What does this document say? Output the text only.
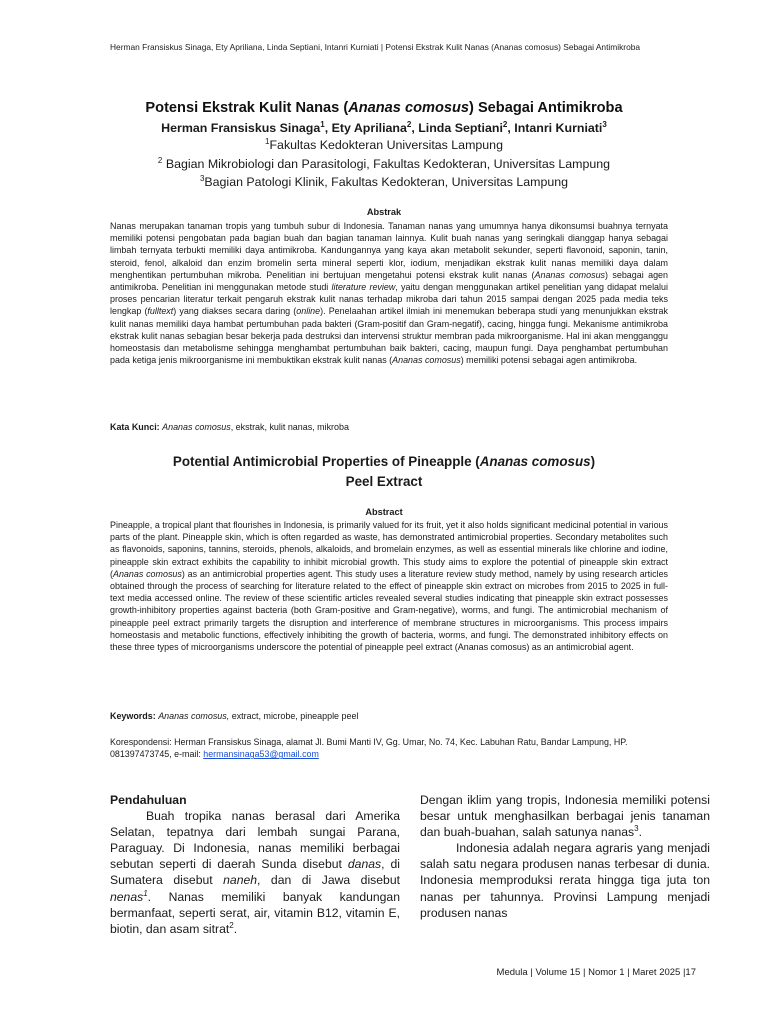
Herman Fransiskus Sinaga, Ety Apriliana, Linda Septiani, Intanri Kurniati | Potensi Ekstrak Kulit Nanas (Ananas comosus) Sebagai Antimikroba
Potensi Ekstrak Kulit Nanas (Ananas comosus) Sebagai Antimikroba
Herman Fransiskus Sinaga$^1$, Ety Apriliana$^2$, Linda Septiani$^2$, Intanri Kurniati$^3$
$^1$Fakultas Kedokteran Universitas Lampung
$^2$ Bagian Mikrobiologi dan Parasitologi, Fakultas Kedokteran, Universitas Lampung
$^3$Bagian Patologi Klinik, Fakultas Kedokteran, Universitas Lampung
Abstrak
Nanas merupakan tanaman tropis yang tumbuh subur di Indonesia. Tanaman nanas yang umumnya hanya dikonsumsi buahnya ternyata memiliki potensi pengobatan pada bagian buah dan bagian tanaman lainnya. Kulit buah nanas yang seringkali dianggap hanya sebagai limbah ternyata terbukti memiliki daya antimikroba. Kandungannya yang kaya akan metabolit sekunder, seperti flavonoid, saponin, tanin, steroid, fenol, alkaloid dan enzim bromelin serta mineral seperti klor, iodium, menjadikan ekstrak kulit nanas memiliki daya dalam menghentikan pertumbuhan mikroba. Penelitian ini bertujuan mengetahui potensi ekstrak kulit nanas (Ananas comosus) sebagai agen antimikroba. Penelitian ini menggunakan metode studi literature review, yaitu dengan menggunakan artikel penelitian yang didapat melalui proses pencarian literatur terkait pengaruh ekstrak kulit nanas terhadap mikroba dari tahun 2015 sampai dengan 2025 pada media teks lengkap (fulltext) yang diakses secara daring (online). Penelaahan artikel ilmiah ini menemukan beberapa studi yang menunjukkan ekstrak kulit nanas memiliki daya hambat pertumbuhan pada bakteri (Gram-positif dan Gram-negatif), cacing, hingga fungi. Mekanisme antimikroba ekstrak kulit nanas sebagian besar bekerja pada destruksi dan intervensi struktur membran pada mikroorganisme. Hal ini akan mengganggu homeostasis dan metabolisme sehingga menghambat pertumbuhan baik bakteri, cacing, maupun fungi. Daya penghambat pertumbuhan pada ketiga jenis mikroorganisme ini membuktikan ekstrak kulit nanas (Ananas comosus) memiliki potensi sebagai agen antimikroba.
Kata Kunci: Ananas comosus, ekstrak, kulit nanas, mikroba
Potential Antimicrobial Properties of Pineapple (Ananas comosus)
Peel Extract
Abstract
Pineapple, a tropical plant that flourishes in Indonesia, is primarily valued for its fruit, yet it also holds significant medicinal potential in various parts of the plant. Pineapple skin, which is often regarded as waste, has demonstrated antimicrobial properties. Secondary metabolites such as flavonoids, saponins, tannins, steroids, phenols, alkaloids, and bromelain enzymes, as well as essential minerals like chlorine and iodine, pineapple skin extract exhibits the capability to inhibit microbial growth. This study aims to explore the potential of pineapple skin extract (Ananas comosus) as an antimicrobial properties agent. This study uses a literature review study method, namely by using research articles obtained through the process of searching for literature related to the effect of pineapple skin extract on microbes from 2015 to 2025 in full-text media accessed online. The review of these scientific articles revealed several studies indicating that pineapple skin extract possesses growth-inhibitory properties against bacteria (both Gram-positive and Gram-negative), worms, and fungi. The antimicrobial mechanism of pineapple peel extract primarily targets the disruption and interference of membrane structures in microorganisms. This process impairs homeostasis and metabolic functions, effectively inhibiting the growth of bacteria, worms, and fungi. The demonstrated inhibitory effects on these three types of microorganisms underscore the potential of pineapple peel extract (Ananas comosus) as an antimicrobial agent.
Keywords: Ananas comosus, extract, microbe, pineapple peel
Korespondensi: Herman Fransiskus Sinaga, alamat Jl. Bumi Manti IV, Gg. Umar, No. 74, Kec. Labuhan Ratu, Bandar Lampung, HP. 081397473745, e-mail: hermansinaga53@gmail.com

Pendahuluan

Buah tropika nanas berasal dari Amerika Selatan, tepatnya dari lembah sungai Parana, Paraguay. Di Indonesia, nanas memiliki berbagai sebutan seperti di daerah Sunda disebut danas, di Sumatera disebut naneh, dan di Jawa disebut nenas$^1$. Nanas memiliki banyak kandungan bermanfaat, seperti serat, air, vitamin B12, vitamin E, biotin, dan asam sitrat$^2$.

Dengan iklim yang tropis, Indonesia memiliki potensi besar untuk menghasilkan berbagai jenis tanaman dan buah-buahan, salah satunya nanas$^3$.

Indonesia adalah negara agraris yang menjadi salah satu negara produsen nanas terbesar di dunia. Indonesia memproduksi rerata hingga tiga juta ton nanas per tahunnya. Provinsi Lampung menjadi produsen nanas

Medula | Volume 15 | Nomor 1 | Maret 2025 |17
